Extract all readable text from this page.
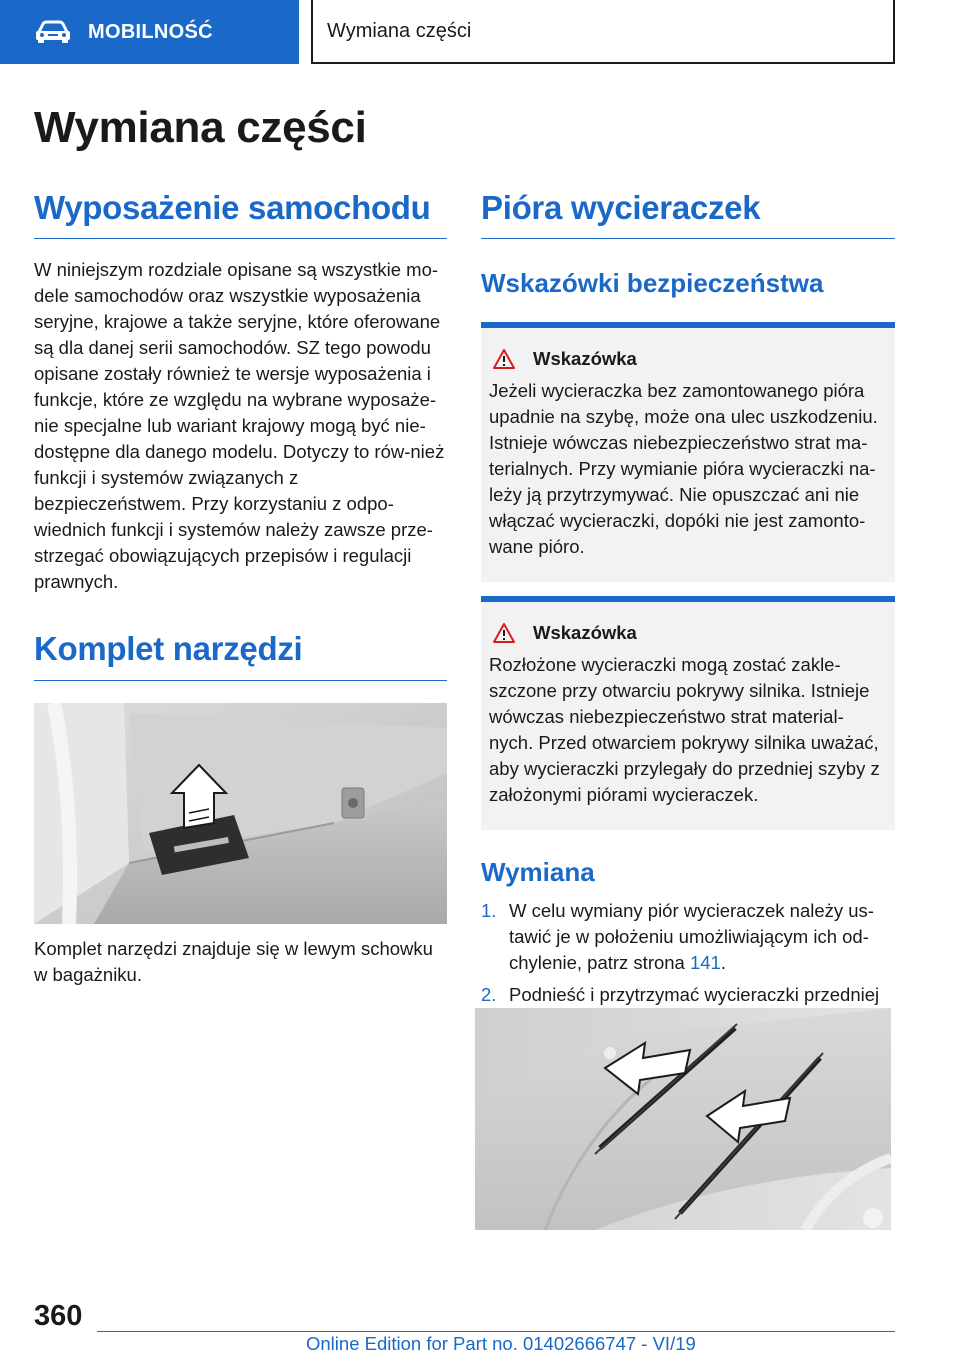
MOBILNOŚĆ	Wymiana części
Wymiana części
Wyposażenie samochodu

W niniejszym rozdziale opisane są wszystkie mo-dele samochodów oraz wszystkie wyposażenia seryjne, krajowe a także seryjne, które oferowane są dla danej serii samochodów. SZ tego powodu opisane zostały również te wersje wyposażenia i funkcje, które ze względu na wybrane wyposaże-nie specjalne lub wariant krajowy mogą być nie-dostępne dla danego modelu. Dotyczy to rów-nież funkcji i systemów związanych z bezpieczeństwem. Przy korzystaniu z odpo-wiednich funkcji i systemów należy zawsze prze-strzegać obowiązujących przepisów i regulacji prawnych.

Komplet narzędzi

Komplet narzędzi znajduje się w lewym schowku w bagażniku.

Pióra wycieraczek
Wskazówki bezpieczeństwa
Wskazówka

Jeżeli wycieraczka bez zamontowanego pióra upadnie na szybę, może ona ulec uszkodzeniu. Istnieje wówczas niebezpieczeństwo strat ma-terialnych. Przy wymianie pióra wycieraczki na-leży ją przytrzymywać. Nie opuszczać ani nie włączać wycieraczki, dopóki nie jest zamonto-wane pióro.

Wskazówka

Rozłożone wycieraczki mogą zostać zakle-szczone przy otwarciu pokrywy silnika. Istnieje wówczas niebezpieczeństwo strat material-nych. Przed otwarciem pokrywy silnika uważać, aby wycieraczki przylegały do przedniej szyby z założonymi piórami wycieraczek.

Wymiana
1. W celu wymiany piór wycieraczek należy us-tawić je w położeniu umożliwiającym ich od-chylenie, patrz strona 141.
2. Podnieść i przytrzymać wycieraczki przedniej
360
Online Edition for Part no. 01402666747 - VI/19
